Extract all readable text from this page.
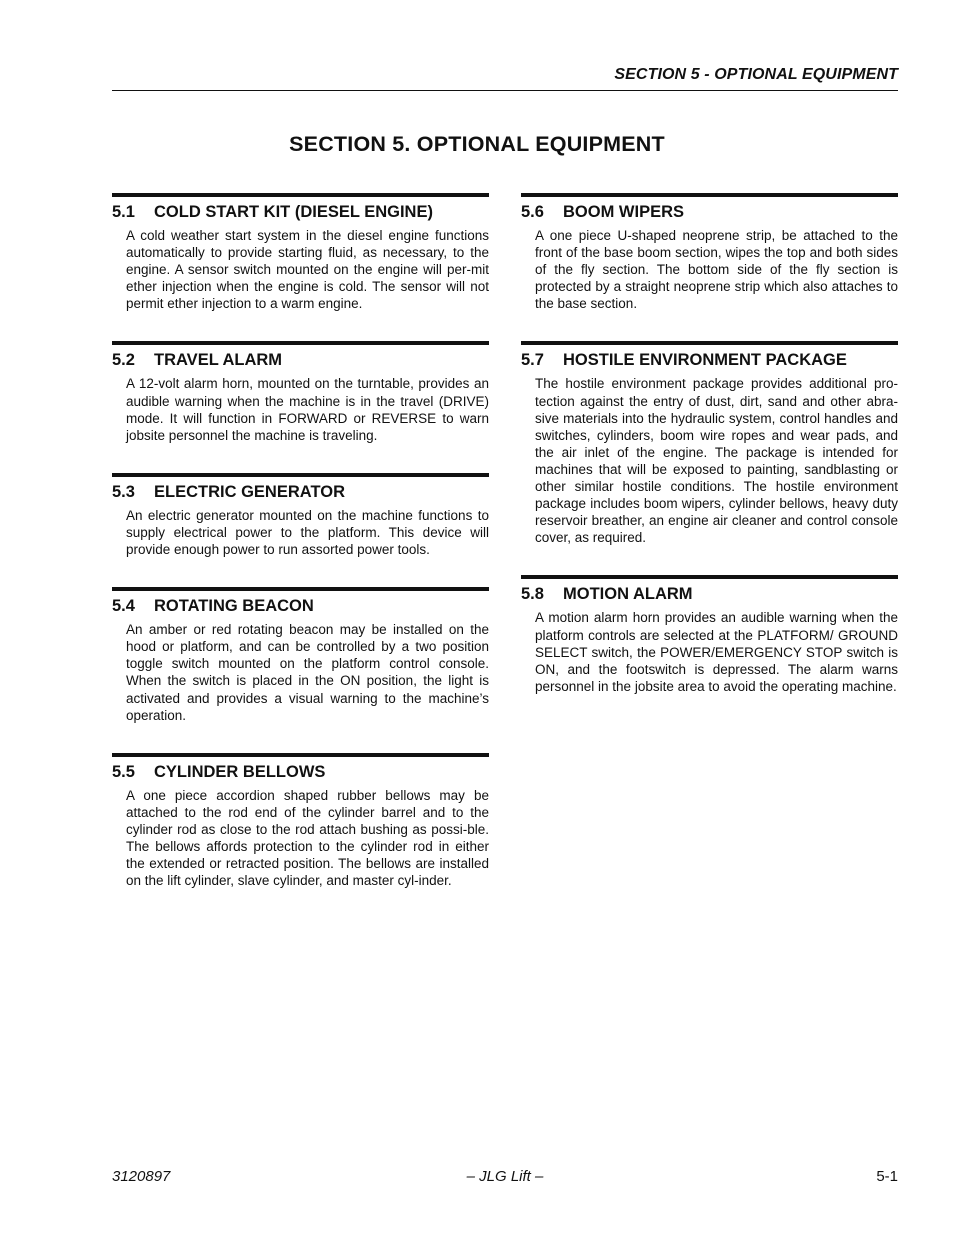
SECTION 5 - OPTIONAL EQUIPMENT
SECTION 5. OPTIONAL EQUIPMENT
5.1	COLD START KIT (DIESEL ENGINE)
A cold weather start system in the diesel engine functions automatically to provide starting fluid, as necessary, to the engine. A sensor switch mounted on the engine will per-mit ether injection when the engine is cold. The sensor will not permit ether injection to a warm engine.
5.2	TRAVEL ALARM
A 12-volt alarm horn, mounted on the turntable, provides an audible warning when the machine is in the travel (DRIVE) mode. It will function in FORWARD or REVERSE to warn jobsite personnel the machine is traveling.
5.3	ELECTRIC GENERATOR
An electric generator mounted on the machine functions to supply electrical power to the platform. This device will provide enough power to run assorted power tools.
5.4	ROTATING BEACON
An amber or red rotating beacon may be installed on the hood or platform, and can be controlled by a two position toggle switch mounted on the platform control console. When the switch is placed in the ON position, the light is activated and provides a visual warning to the machine’s operation.
5.5	CYLINDER BELLOWS
A one piece accordion shaped rubber bellows may be attached to the rod end of the cylinder barrel and to the cylinder rod as close to the rod attach bushing as possi-ble. The bellows affords protection to the cylinder rod in either the extended or retracted position. The bellows are installed on the lift cylinder, slave cylinder, and master cyl-inder.
5.6	BOOM WIPERS
A one piece U-shaped neoprene strip, be attached to the front of the base boom section, wipes the top and both sides of the fly section. The bottom side of the fly section is protected by a straight neoprene strip which also attaches to the base section.
5.7	HOSTILE ENVIRONMENT PACKAGE
The hostile environment package provides additional pro-tection against the entry of dust, dirt, sand and other abra-sive materials into the hydraulic system, control handles and switches, cylinders, boom wire ropes and wear pads, and the air inlet of the engine. The package is intended for machines that will be exposed to painting, sandblasting or other similar hostile conditions. The hostile environment package includes boom wipers, cylinder bellows, heavy duty reservoir breather, an engine air cleaner and control console cover, as required.
5.8	MOTION ALARM
A motion alarm horn provides an audible warning when the platform controls are selected at the PLATFORM/ GROUND SELECT switch, the POWER/EMERGENCY STOP switch is ON, and the footswitch is depressed. The alarm warns personnel in the jobsite area to avoid the operating machine.
3120897	– JLG Lift –	5-1
